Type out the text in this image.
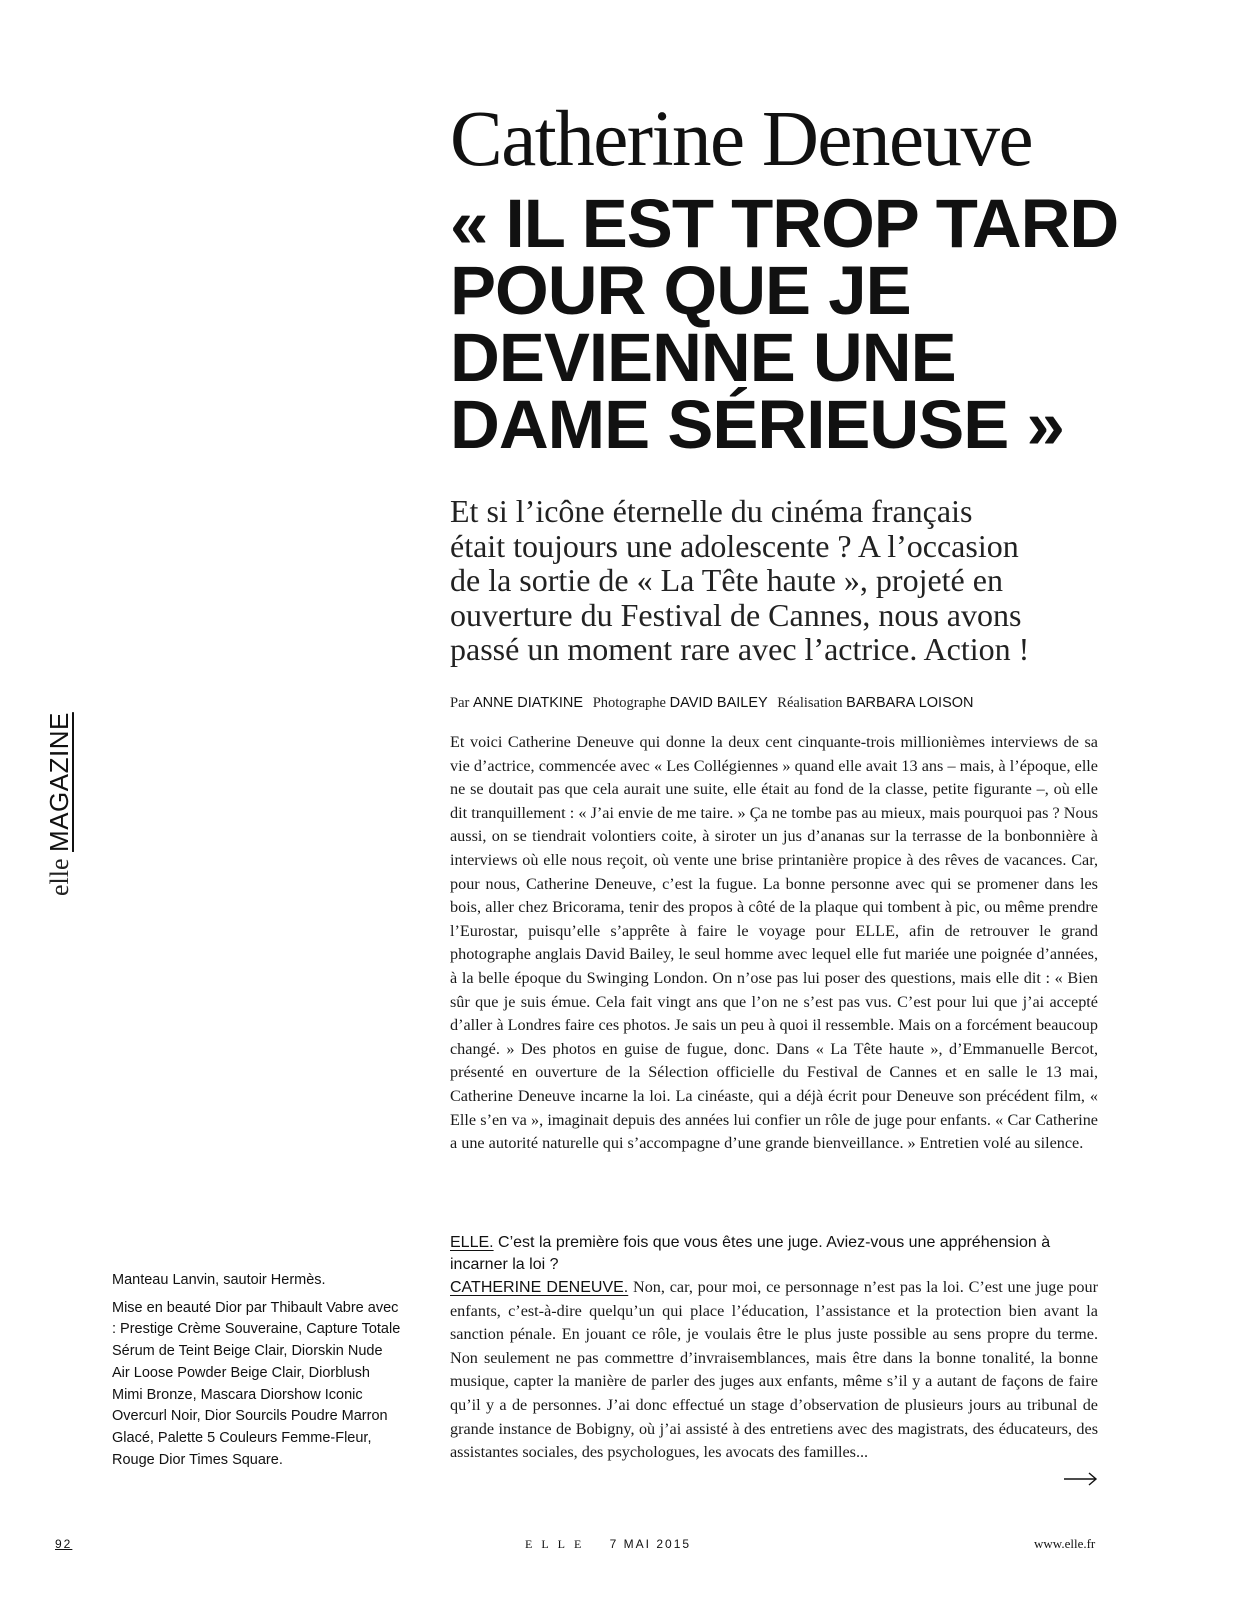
elle MAGAZINE
Catherine Deneuve
« IL EST TROP TARD
POUR QUE JE
DEVIENNE UNE
DAME SÉRIEUSE »

Et si l’icône éternelle du cinéma français
était toujours une adolescente ? A l’occasion
de la sortie de « La Tête haute », projeté en
ouverture du Festival de Cannes, nous avons
passé un moment rare avec l’actrice. Action !

Par ANNE DIATKINE Photographe DAVID BAILEY Réalisation BARBARA LOISON

Et voici Catherine Deneuve qui donne la deux cent cinquante-trois millionièmes interviews de sa vie d’actrice, commencée avec « Les Collégiennes » quand elle avait 13 ans – mais, à l’époque, elle ne se doutait pas que cela aurait une suite, elle était au fond de la classe, petite figurante –, où elle dit tranquillement : « J’ai envie de me taire. » Ça ne tombe pas au mieux, mais pourquoi pas ? Nous aussi, on se tiendrait volontiers coite, à siroter un jus d’ananas sur la terrasse de la bonbonnière à interviews où elle nous reçoit, où vente une brise printanière propice à des rêves de vacances. Car, pour nous, Catherine Deneuve, c’est la fugue. La bonne personne avec qui se promener dans les bois, aller chez Bricorama, tenir des propos à côté de la plaque qui tombent à pic, ou même prendre l’Eurostar, puisqu’elle s’apprête à faire le voyage pour ELLE, afin de retrouver le grand photographe anglais David Bailey, le seul homme avec lequel elle fut mariée une poignée d’années, à la belle époque du Swinging London. On n’ose pas lui poser des questions, mais elle dit : « Bien sûr que je suis émue. Cela fait vingt ans que l’on ne s’est pas vus. C’est pour lui que j’ai accepté d’aller à Londres faire ces photos. Je sais un peu à quoi il ressemble. Mais on a forcément beaucoup changé. » Des photos en guise de fugue, donc. Dans « La Tête haute », d’Emmanuelle Bercot, présenté en ouverture de la Sélection officielle du Festival de Cannes et en salle le 13 mai, Catherine Deneuve incarne la loi. La cinéaste, qui a déjà écrit pour Deneuve son précédent film, « Elle s’en va », imaginait depuis des années lui confier un rôle de juge pour enfants. « Car Catherine a une autorité naturelle qui s’accompagne d’une grande bienveillance. » Entretien volé au silence.

ELLE. C’est la première fois que vous êtes une juge. Aviez-vous une appréhension à incarner la loi ?

CATHERINE DENEUVE. Non, car, pour moi, ce personnage n’est pas la loi. C’est une juge pour enfants, c’est-à-dire quelqu’un qui place l’éducation, l’assistance et la protection bien avant la sanction pénale. En jouant ce rôle, je voulais être le plus juste possible au sens propre du terme. Non seulement ne pas commettre d’invraisemblances, mais être dans la bonne tonalité, la bonne musique, capter la manière de parler des juges aux enfants, même s’il y a autant de façons de faire qu’il y a de personnes. J’ai donc effectué un stage d’observation de plusieurs jours au tribunal de grande instance de Bobigny, où j’ai assisté à des entretiens avec des magistrats, des éducateurs, des assistantes sociales, des psychologues, les avocats des familles...

Manteau Lanvin, sautoir Hermès.

Mise en beauté Dior par Thibault Vabre avec : Prestige Crème Souveraine, Capture Totale Sérum de Teint Beige Clair, Diorskin Nude Air Loose Powder Beige Clair, Diorblush Mimi Bronze, Mascara Diorshow Iconic Overcurl Noir, Dior Sourcils Poudre Marron Glacé, Palette 5 Couleurs Femme-Fleur, Rouge Dior Times Square.

92	ELLE 7 MAI 2015	www.elle.fr
